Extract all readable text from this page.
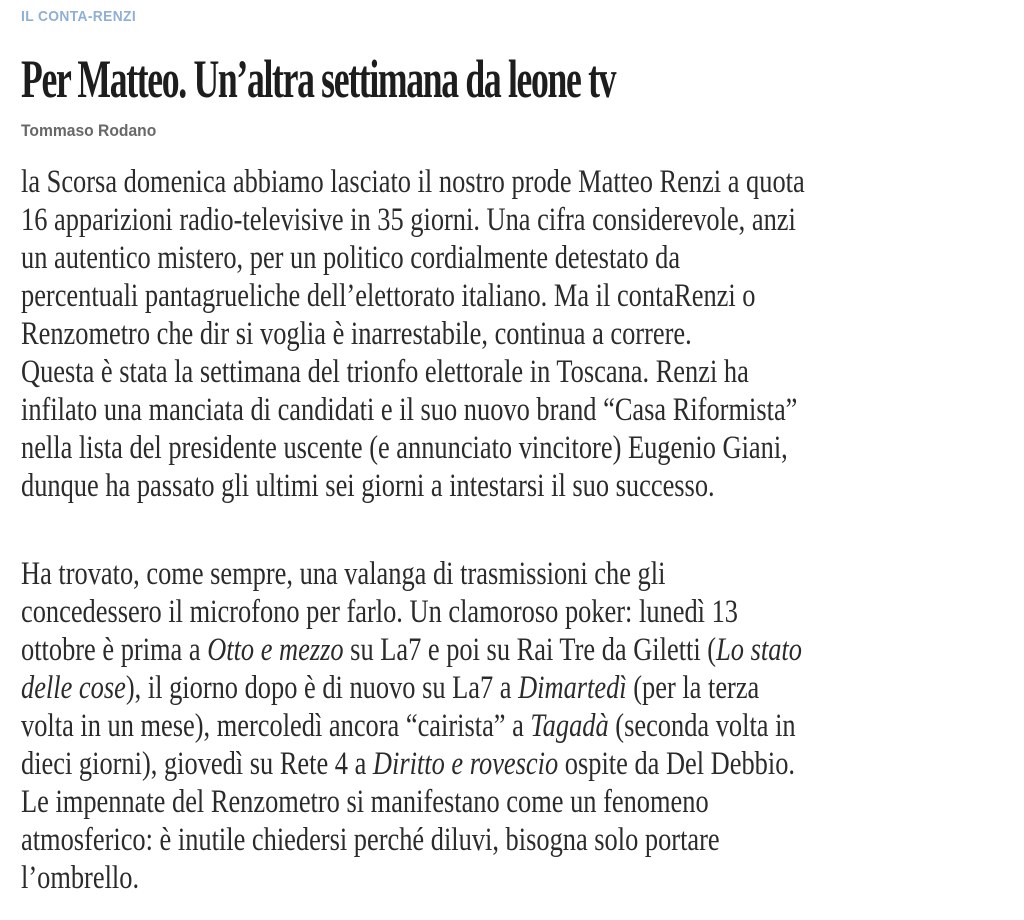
IL CONTA-RENZI
Per Matteo. Un’altra settimana da leone tv
Tommaso Rodano

la Scorsa domenica abbiamo lasciato il nostro prode Matteo Renzi a quota
16 apparizioni radio-televisive in 35 giorni. Una cifra considerevole, anzi
un autentico mistero, per un politico cordialmente detestato da
percentuali pantagrueliche dell’elettorato italiano. Ma il contaRenzi o
Renzometro che dir si voglia è inarrestabile, continua a correre.
Questa è stata la settimana del trionfo elettorale in Toscana. Renzi ha
infilato una manciata di candidati e il suo nuovo brand “Casa Riformista”
nella lista del presidente uscente (e annunciato vincitore) Eugenio Giani,
dunque ha passato gli ultimi sei giorni a intestarsi il suo successo.

Ha trovato, come sempre, una valanga di trasmissioni che gli
concedessero il microfono per farlo. Un clamoroso poker: lunedì 13
ottobre è prima a Otto e mezzo su La7 e poi su Rai Tre da Giletti (Lo stato
delle cose), il giorno dopo è di nuovo su La7 a Dimartedì (per la terza
volta in un mese), mercoledì ancora “cairista” a Tagadà (seconda volta in
dieci giorni), giovedì su Rete 4 a Diritto e rovescio ospite da Del Debbio.
Le impennate del Renzometro si manifestano come un fenomeno
atmosferico: è inutile chiedersi perché diluvi, bisogna solo portare
l’ombrello.
